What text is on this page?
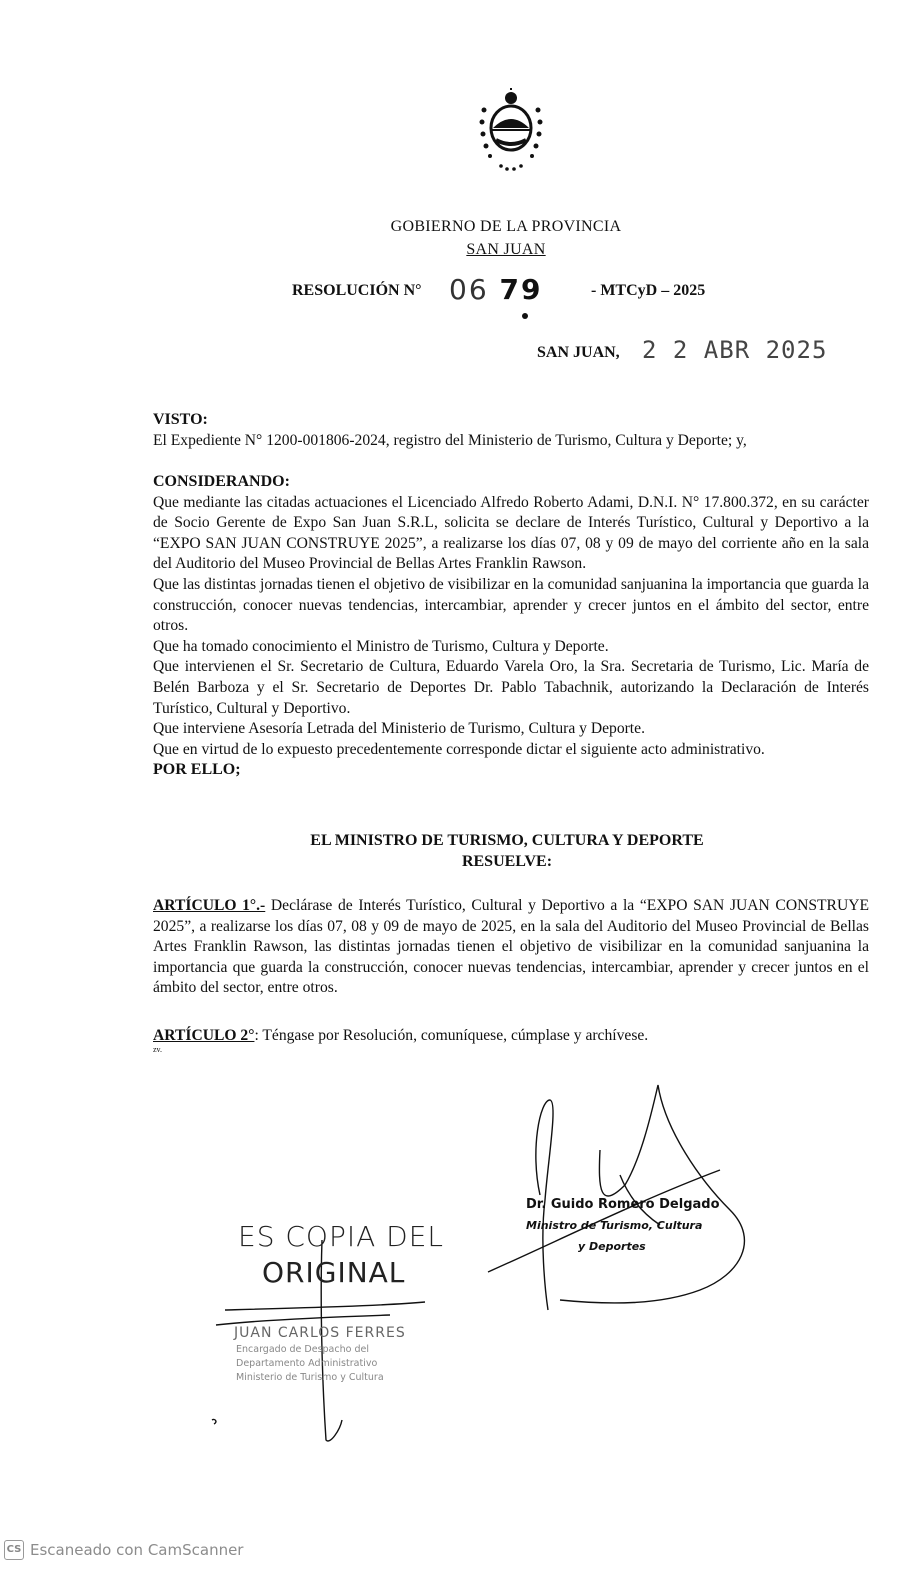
GOBIERNO DE LA PROVINCIA
SAN JUAN
RESOLUCIÓN N° 06 79	- MTCyD – 2025
SAN JUAN, 2 2 ABR 2025
VISTO:

El Expediente N° 1200-001806-2024, registro del Ministerio de Turismo, Cultura y Deporte; y,

CONSIDERANDO:

Que mediante las citadas actuaciones el Licenciado Alfredo Roberto Adami, D.N.I. N° 17.800.372, en su carácter de Socio Gerente de Expo San Juan S.R.L, solicita se declare de Interés Turístico, Cultural y Deportivo a la “EXPO SAN JUAN CONSTRUYE 2025”, a realizarse los días 07, 08 y 09 de mayo del corriente año en la sala del Auditorio del Museo Provincial de Bellas Artes Franklin Rawson.

Que las distintas jornadas tienen el objetivo de visibilizar en la comunidad sanjuanina la importancia que guarda la construcción, conocer nuevas tendencias, intercambiar, aprender y crecer juntos en el ámbito del sector, entre otros.

Que ha tomado conocimiento el Ministro de Turismo, Cultura y Deporte.

Que intervienen el Sr. Secretario de Cultura, Eduardo Varela Oro, la Sra. Secretaria de Turismo, Lic. María de Belén Barboza y el Sr. Secretario de Deportes Dr. Pablo Tabachnik, autorizando la Declaración de Interés Turístico, Cultural y Deportivo.

Que interviene Asesoría Letrada del Ministerio de Turismo, Cultura y Deporte.

Que en virtud de lo expuesto precedentemente corresponde dictar el siguiente acto administrativo.

POR ELLO;
EL MINISTRO DE TURISMO, CULTURA Y DEPORTE
RESUELVE:

ARTÍCULO 1°.- Declárase de Interés Turístico, Cultural y Deportivo a la “EXPO SAN JUAN CONSTRUYE 2025”, a realizarse los días 07, 08 y 09 de mayo de 2025, en la sala del Auditorio del Museo Provincial de Bellas Artes Franklin Rawson, las distintas jornadas tienen el objetivo de visibilizar en la comunidad sanjuanina la importancia que guarda la construcción, conocer nuevas tendencias, intercambiar, aprender y crecer juntos en el ámbito del sector, entre otros.

ARTÍCULO 2°: Téngase por Resolución, comuníquese, cúmplase y archívese.

zv.
Dr. Guido Romero Delgado
Ministro de Turismo, Cultura
y Deportes
ES COPIA DEL
ORIGINAL
JUAN CARLOS FERRES
Encargado de Despacho del
Departamento Administrativo
Ministerio de Turismo y Cultura
CS Escaneado con CamScanner
